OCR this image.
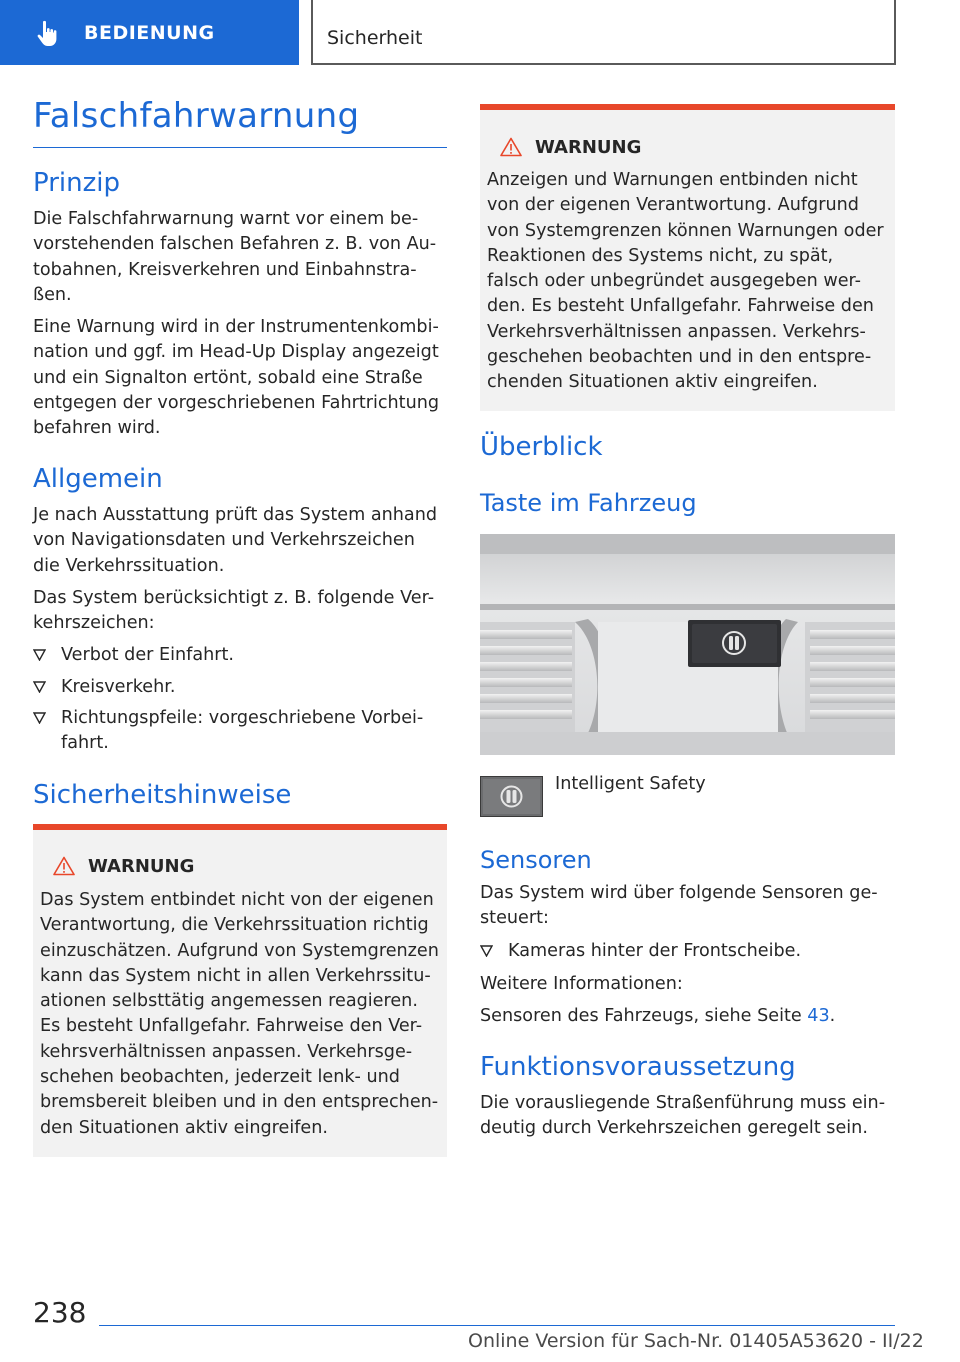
BEDIENUNG	Sicherheit
Falschfahrwarnung
Prinzip
Die Falschfahrwarnung warnt vor einem be-
vorstehenden falschen Befahren z. B. von Au-
tobahnen, Kreisverkehren und Einbahnstra-
ßen.
Eine Warnung wird in der Instrumentenkombi-
nation und ggf. im Head-Up Display angezeigt
und ein Signalton ertönt, sobald eine Straße
entgegen der vorgeschriebenen Fahrtrichtung
befahren wird.
Allgemein
Je nach Ausstattung prüft das System anhand
von Navigationsdaten und Verkehrszeichen
die Verkehrssituation.
Das System berücksichtigt z. B. folgende Ver-
kehrszeichen:
Verbot der Einfahrt.
Kreisverkehr.
Richtungspfeile: vorgeschriebene Vorbei-
fahrt.
Sicherheitshinweise
WARNUNG
Das System entbindet nicht von der eigenen
Verantwortung, die Verkehrssituation richtig
einzuschätzen. Aufgrund von Systemgrenzen
kann das System nicht in allen Verkehrssitu-
ationen selbsttätig angemessen reagieren.
Es besteht Unfallgefahr. Fahrweise den Ver-
kehrsverhältnissen anpassen. Verkehrsge-
schehen beobachten, jederzeit lenk- und
bremsbereit bleiben und in den entsprechen-
den Situationen aktiv eingreifen.
WARNUNG
Anzeigen und Warnungen entbinden nicht
von der eigenen Verantwortung. Aufgrund
von Systemgrenzen können Warnungen oder
Reaktionen des Systems nicht, zu spät,
falsch oder unbegründet ausgegeben wer-
den. Es besteht Unfallgefahr. Fahrweise den
Verkehrsverhältnissen anpassen. Verkehrs-
geschehen beobachten und in den entspre-
chenden Situationen aktiv eingreifen.
Überblick
Taste im Fahrzeug
Intelligent Safety
Sensoren
Das System wird über folgende Sensoren ge-
steuert:
Kameras hinter der Frontscheibe.
Weitere Informationen:
Sensoren des Fahrzeugs, siehe Seite 43.
Funktionsvoraussetzung
Die vorausliegende Straßenführung muss ein-
deutig durch Verkehrszeichen geregelt sein.
238
Online Version für Sach-Nr. 01405A53620 - II/22
